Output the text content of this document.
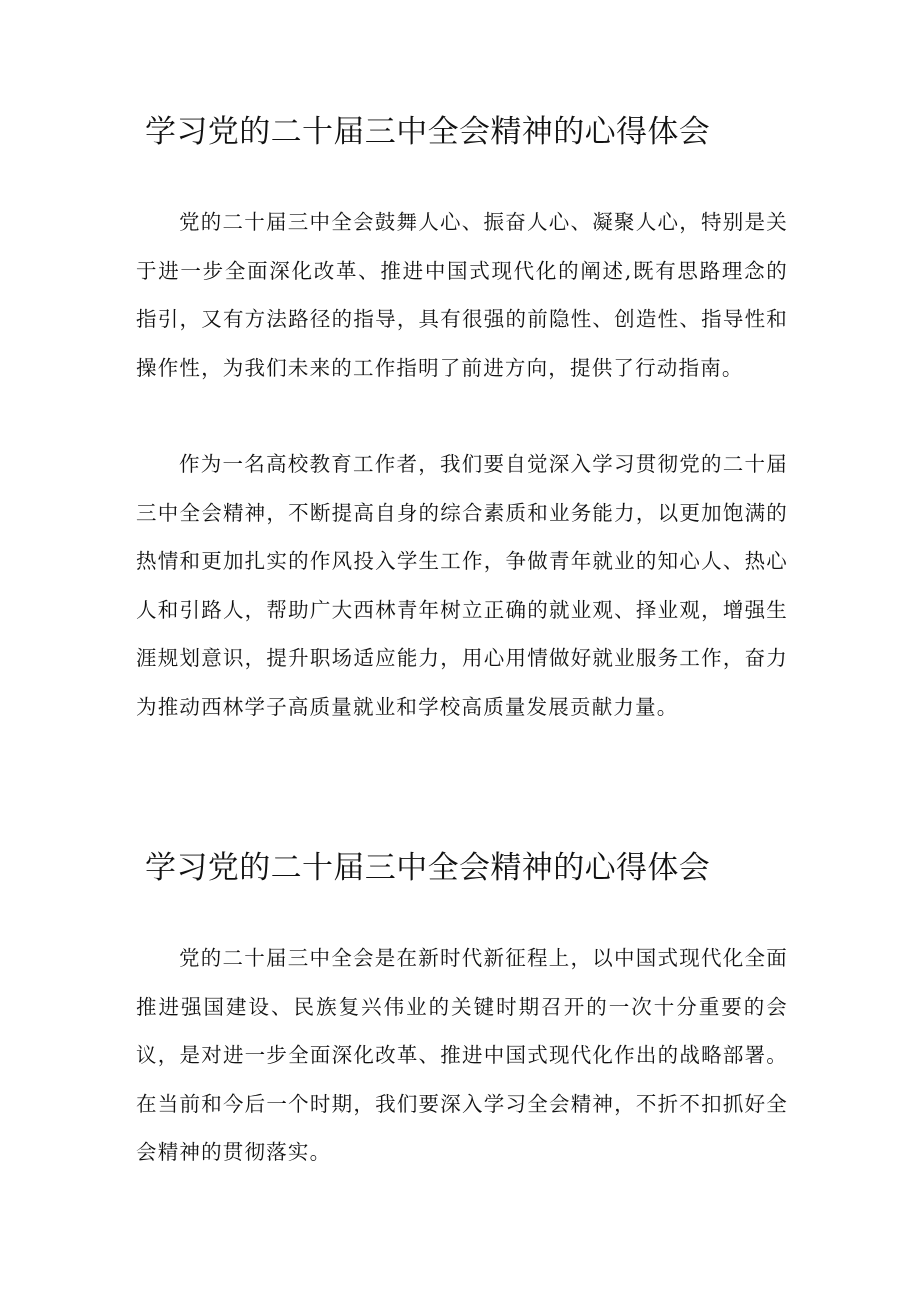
学习党的二十届三中全会精神的心得体会

党的二十届三中全会鼓舞人心、振奋人心、凝聚人心，特别是关于进一步全面深化改革、推进中国式现代化的阐述,既有思路理念的指引，又有方法路径的指导，具有很强的前隐性、创造性、指导性和操作性，为我们未来的工作指明了前进方向，提供了行动指南。

作为一名高校教育工作者，我们要自觉深入学习贯彻党的二十届三中全会精神，不断提高自身的综合素质和业务能力，以更加饱满的热情和更加扎实的作风投入学生工作，争做青年就业的知心人、热心人和引路人，帮助广大西林青年树立正确的就业观、择业观，增强生涯规划意识，提升职场适应能力，用心用情做好就业服务工作，奋力为推动西林学子高质量就业和学校高质量发展贡献力量。

学习党的二十届三中全会精神的心得体会

党的二十届三中全会是在新时代新征程上，以中国式现代化全面推进强国建设、民族复兴伟业的关键时期召开的一次十分重要的会议，是对进一步全面深化改革、推进中国式现代化作出的战略部署。在当前和今后一个时期，我们要深入学习全会精神，不折不扣抓好全会精神的贯彻落实。
